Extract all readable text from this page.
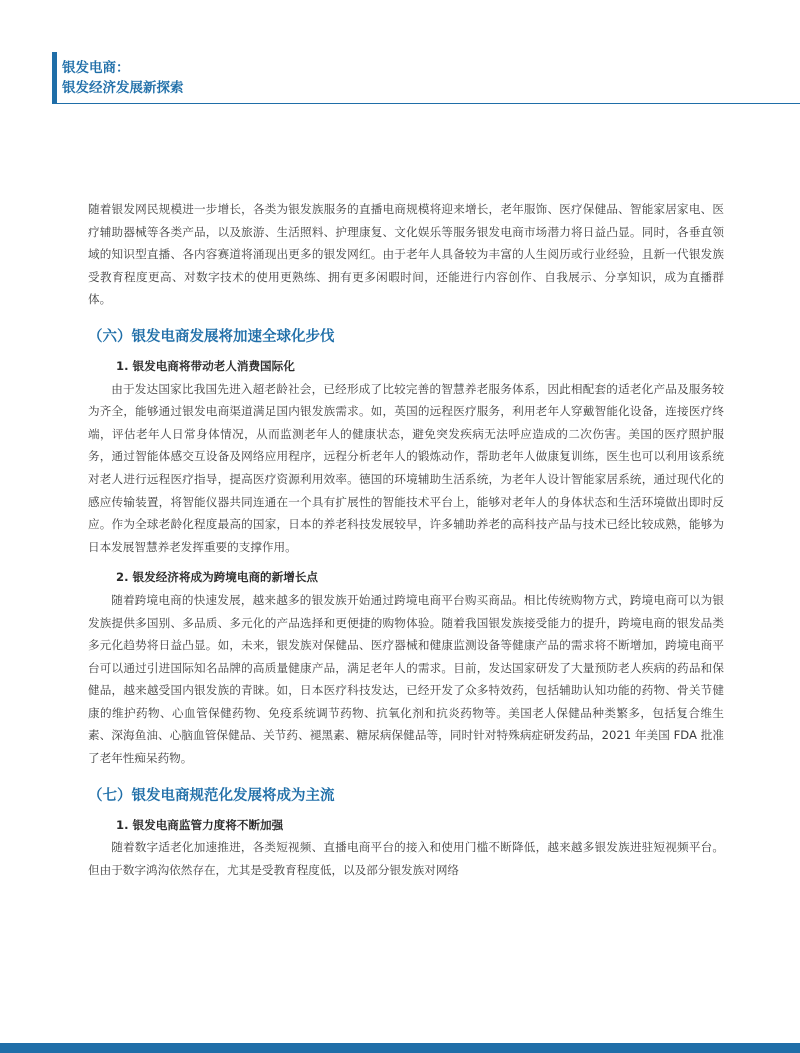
银发电商：
银发经济发展新探索

随着银发网民规模进一步增长，各类为银发族服务的直播电商规模将迎来增长，老年服饰、医疗保健品、智能家居家电、医疗辅助器械等各类产品，以及旅游、生活照料、护理康复、文化娱乐等服务银发电商市场潜力将日益凸显。同时，各垂直领域的知识型直播、各内容赛道将涌现出更多的银发网红。由于老年人具备较为丰富的人生阅历或行业经验，且新一代银发族受教育程度更高、对数字技术的使用更熟练、拥有更多闲暇时间，还能进行内容创作、自我展示、分享知识，成为直播群体。

（六）银发电商发展将加速全球化步伐
1. 银发电商将带动老人消费国际化

由于发达国家比我国先进入超老龄社会，已经形成了比较完善的智慧养老服务体系，因此相配套的适老化产品及服务较为齐全，能够通过银发电商渠道满足国内银发族需求。如，英国的远程医疗服务，利用老年人穿戴智能化设备，连接医疗终端，评估老年人日常身体情况，从而监测老年人的健康状态，避免突发疾病无法呼应造成的二次伤害。美国的医疗照护服务，通过智能体感交互设备及网络应用程序，远程分析老年人的锻炼动作，帮助老年人做康复训练，医生也可以利用该系统对老人进行远程医疗指导，提高医疗资源利用效率。德国的环境辅助生活系统，为老年人设计智能家居系统，通过现代化的感应传输装置，将智能仪器共同连通在一个具有扩展性的智能技术平台上，能够对老年人的身体状态和生活环境做出即时反应。作为全球老龄化程度最高的国家，日本的养老科技发展较早，许多辅助养老的高科技产品与技术已经比较成熟，能够为日本发展智慧养老发挥重要的支撑作用。

2. 银发经济将成为跨境电商的新增长点

随着跨境电商的快速发展，越来越多的银发族开始通过跨境电商平台购买商品。相比传统购物方式，跨境电商可以为银发族提供多国别、多品质、多元化的产品选择和更便捷的购物体验。随着我国银发族接受能力的提升，跨境电商的银发品类多元化趋势将日益凸显。如，未来，银发族对保健品、医疗器械和健康监测设备等健康产品的需求将不断增加，跨境电商平台可以通过引进国际知名品牌的高质量健康产品，满足老年人的需求。目前，发达国家研发了大量预防老人疾病的药品和保健品，越来越受国内银发族的青睐。如，日本医疗科技发达，已经开发了众多特效药，包括辅助认知功能的药物、骨关节健康的维护药物、心血管保健药物、免疫系统调节药物、抗氧化剂和抗炎药物等。美国老人保健品种类繁多，包括复合维生素、深海鱼油、心脑血管保健品、关节药、褪黑素、糖尿病保健品等，同时针对特殊病症研发药品，2021 年美国 FDA 批准了老年性痴呆药物。

（七）银发电商规范化发展将成为主流
1. 银发电商监管力度将不断加强

随着数字适老化加速推进，各类短视频、直播电商平台的接入和使用门槛不断降低，越来越多银发族进驻短视频平台。但由于数字鸿沟依然存在，尤其是受教育程度低，以及部分银发族对网络
